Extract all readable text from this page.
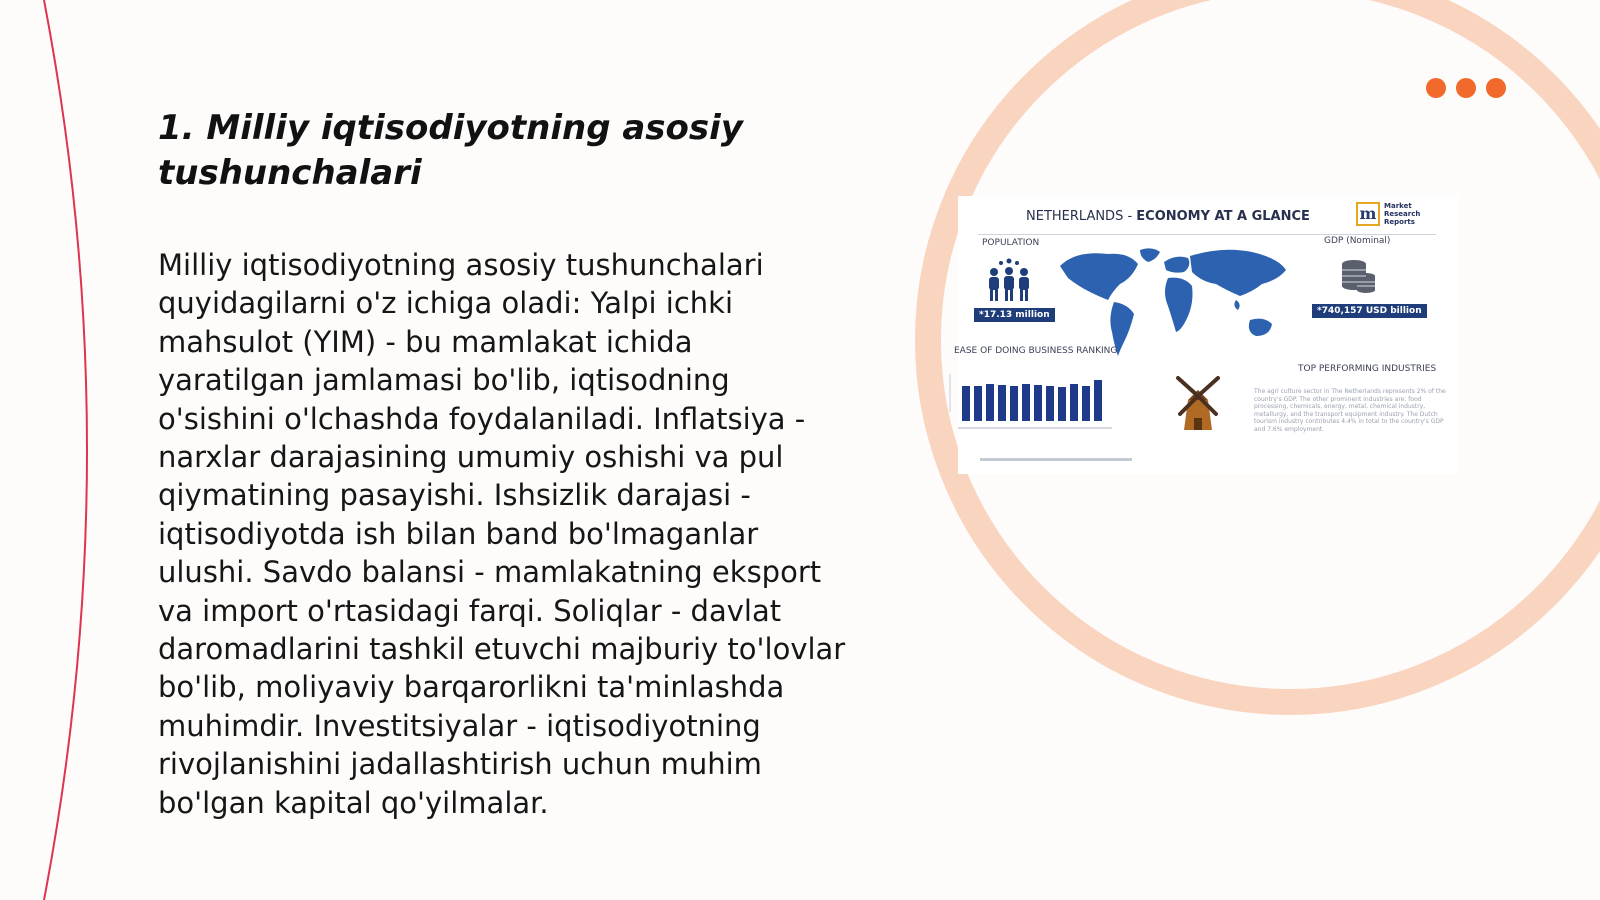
1. Milliy iqtisodiyotning asosiy tushunchalari

Milliy iqtisodiyotning asosiy tushunchalari quyidagilarni o'z ichiga oladi: Yalpi ichki mahsulot (YIM) - bu mamlakat ichida yaratilgan jamlamasi bo'lib, iqtisodning o'sishini o'lchashda foydalaniladi. Inflatsiya - narxlar darajasining umumiy oshishi va pul qiymatining pasayishi. Ishsizlik darajasi - iqtisodiyotda ish bilan band bo'lmaganlar ulushi. Savdo balansi - mamlakatning eksport va import o'rtasidagi farqi. Soliqlar - davlat daromadlarini tashkil etuvchi majburiy to'lovlar bo'lib, moliyaviy barqarorlikni ta'minlashda muhimdir. Investitsiyalar - iqtisodiyotning rivojlanishini jadallashtirish uchun muhim bo'lgan kapital qo'yilmalar.

NETHERLANDS - ECONOMY AT A GLANCE	m	Market
Research
Reports
POPULATION
*17.13 million
GDP (Nominal)
*740,157 USD billion
EASE OF DOING BUSINESS RANKING
TOP PERFORMING INDUSTRIES
The agri culture sector in The Netherlands represents 2% of the country's GDP. The other prominent industries are: food processing, chemicals, energy, metal, chemical industry, metallurgy, and the transport equipment industry. The Dutch tourism industry contributes 4.4% in total to the country's GDP and 7.6% employment.
